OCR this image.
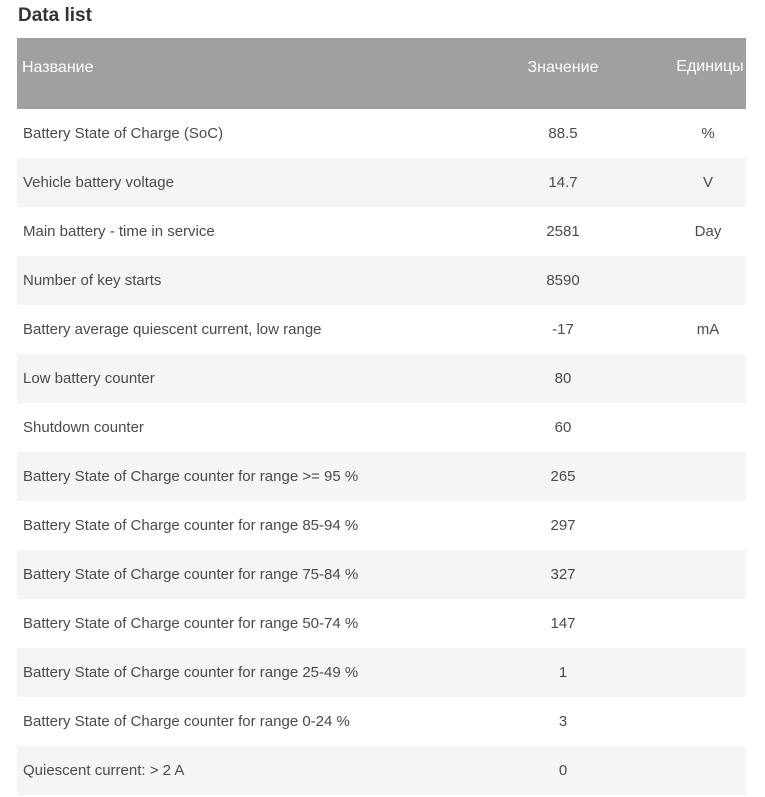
Data list
Название	Значение	Единицы
Battery State of Charge (SoC)	88.5	%
Vehicle battery voltage	14.7	V
Main battery - time in service	2581	Day
Number of key starts	8590
Battery average quiescent current, low range	-17	mA
Low battery counter	80
Shutdown counter	60
Battery State of Charge counter for range >= 95 %	265
Battery State of Charge counter for range 85-94 %	297
Battery State of Charge counter for range 75-84 %	327
Battery State of Charge counter for range 50-74 %	147
Battery State of Charge counter for range 25-49 %	1
Battery State of Charge counter for range 0-24 %	3
Quiescent current: > 2 A	0
